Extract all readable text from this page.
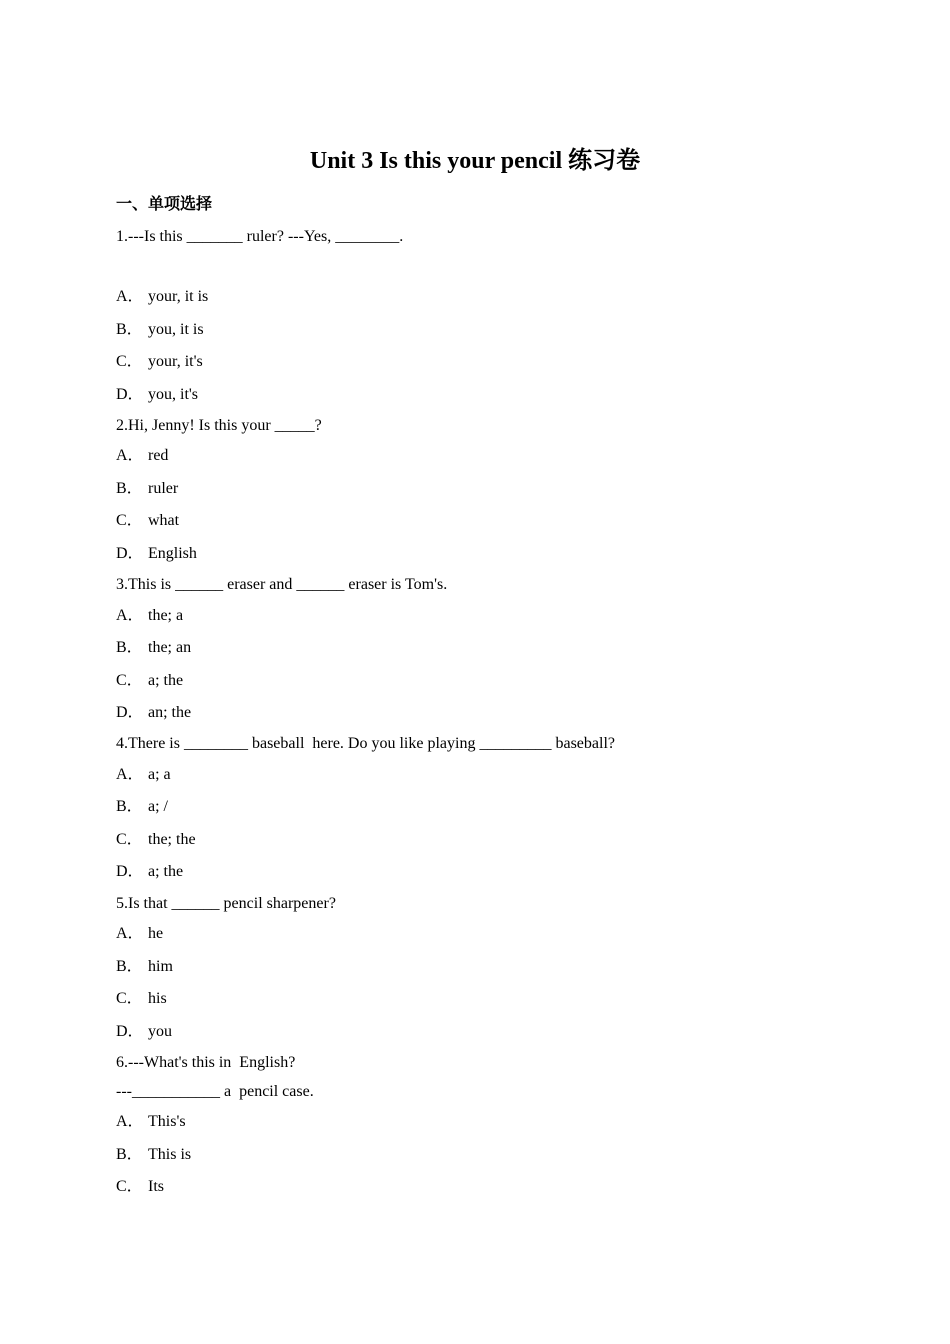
Unit 3 Is this your pencil 练习卷
一、单项选择
1.---Is this _______ ruler? ---Yes, ________.
A． your, it is
B． you, it is
C． your, it's
D． you, it's
2.Hi, Jenny! Is this your _____?
A． red
B． ruler
C． what
D． English
3.This is ______ eraser and ______ eraser is Tom's.
A． the; a
B． the; an
C． a; the
D． an; the
4.There is ________ baseball  here. Do you like playing _________ baseball?
A． a; a
B． a; /
C． the; the
D． a; the
5.Is that ______ pencil sharpener?
A． he
B． him
C． his
D． you
6.---What's this in  English?
---___________ a  pencil case.
A． This's
B． This is
C． Its
